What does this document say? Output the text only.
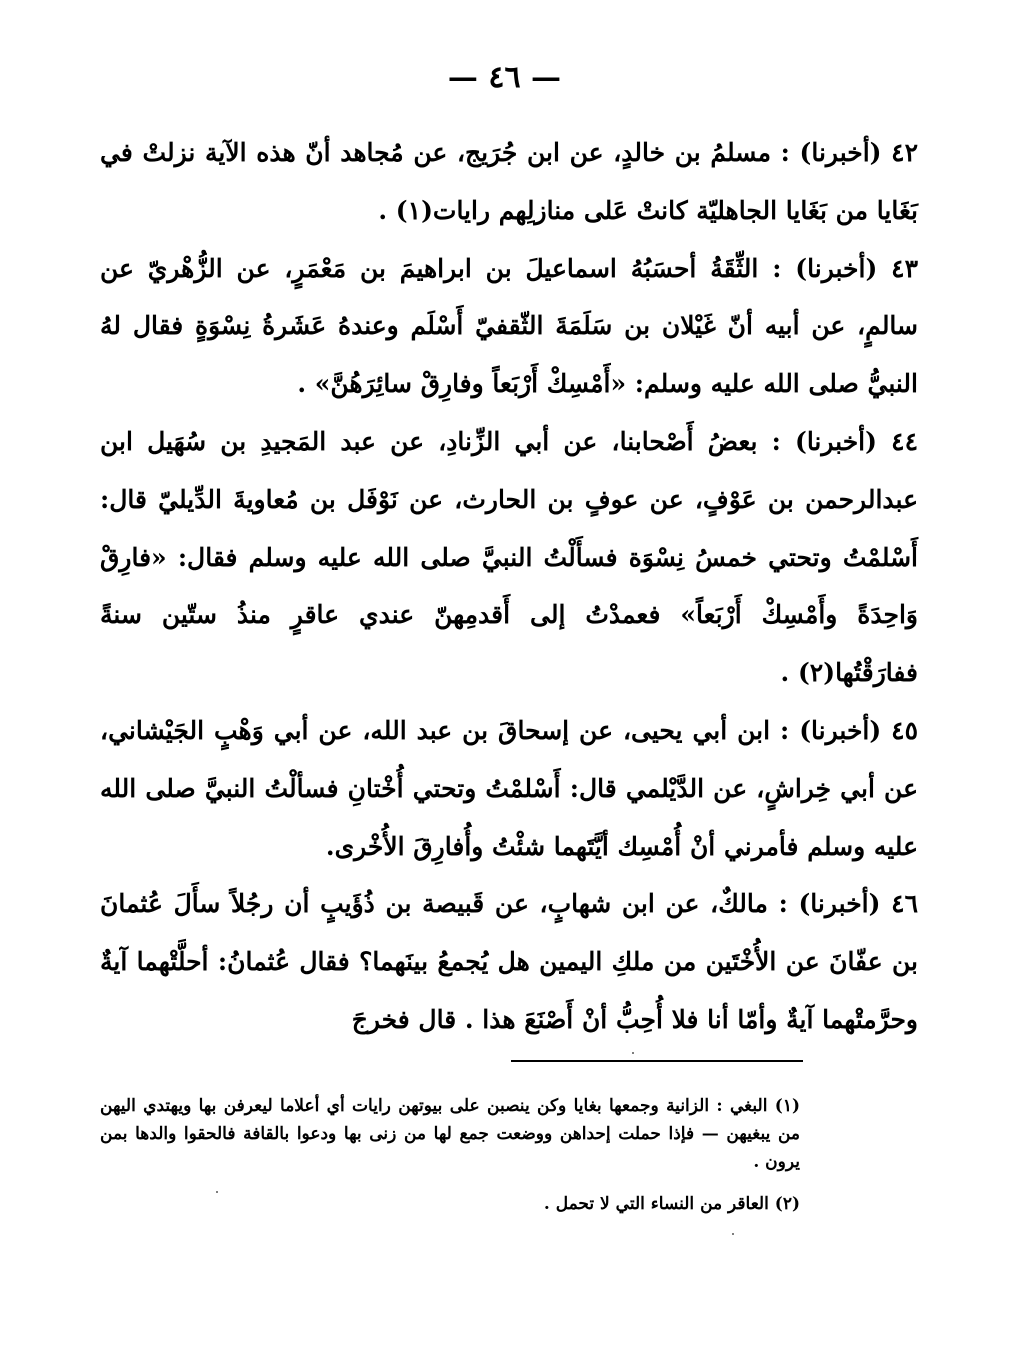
— ٤٦ —

٤٢ (أخبرنا) : مسلمُ بن خالدٍ، عن ابن جُرَيج، عن مُجاهد أنّ هذه الآية نزلتْ في بَغَايا من بَغَايا الجاهليّة كانتْ عَلى منازلِهم رايات(١) .

٤٣ (أخبرنا) : الثِّقَةُ أحسَبُهُ اسماعيلَ بن ابراهيمَ بن مَعْمَرٍ، عن الزُّهْريّ عن سالمٍ، عن أبيه أنّ غَيْلان بن سَلَمَةَ الثّقفيّ أَسْلَم وعندهُ عَشَرةُ نِسْوَةٍ فقال لهُ النبيُّ صلى الله عليه وسلم: «أَمْسِكْ أَرْبَعاً وفارِقْ سائِرَهُنَّ» .

٤٤ (أخبرنا) : بعضُ أَصْحابنا، عن أبي الزِّنادِ، عن عبد المَجيدِ بن سُهَيل ابن عبدالرحمن بن عَوْفٍ، عن عوفٍ بن الحارث، عن نَوْفَل بن مُعاويةَ الدِّيليّ قال: أَسْلمْتُ وتحتي خمسُ نِسْوَة فسأَلْتُ النبيَّ صلى الله عليه وسلم فقال: «فارِقْ وَاحِدَةً وأَمْسِكْ أَرْبَعاً» فعمدْتُ إلى أَقدمِهنّ عندي عاقرٍ منذُ ستّين سنةً ففارَقْتُها(٢) .

٤٥ (أخبرنا) : ابن أبي يحيى، عن إسحاقَ بن عبد الله، عن أبي وَهْبٍ الجَيْشاني، عن أبي خِراشٍ، عن الدَّيْلمي قال: أَسْلمْتُ وتحتي أُخْتانِ فسألْتُ النبيَّ صلى الله عليه وسلم فأمرني أنْ أُمْسِك أيَّتَهما شئْتُ وأُفارِقَ الأُخْرى.

٤٦ (أخبرنا) : مالكٌ، عن ابن شهابٍ، عن قَبيصة بن ذُؤَيبٍ أن رجُلاً سأَلَ عُثمانَ بن عفّانَ عن الأُخْتَين من ملكِ اليمين هل يُجمعُ بينَهما؟ فقال عُثمانُ: أحلَّتْهما آيةٌ وحرَّمتْهما آيةٌ وأمّا أنا فلا أُحِبُّ أنْ أَصْنَعَ هذا . قال فخرجَ

(١) البغي : الزانية وجمعها بغايا وكن ينصبن على بيوتهن رايات أي أعلاما ليعرفن بها ويهتدي اليهن من يبغيهن — فإذا حملت إحداهن ووضعت جمع لها من زنى بها ودعوا بالقافة فالحقوا والدها بمن يرون .

(٢) العاقر من النساء التي لا تحمل .
